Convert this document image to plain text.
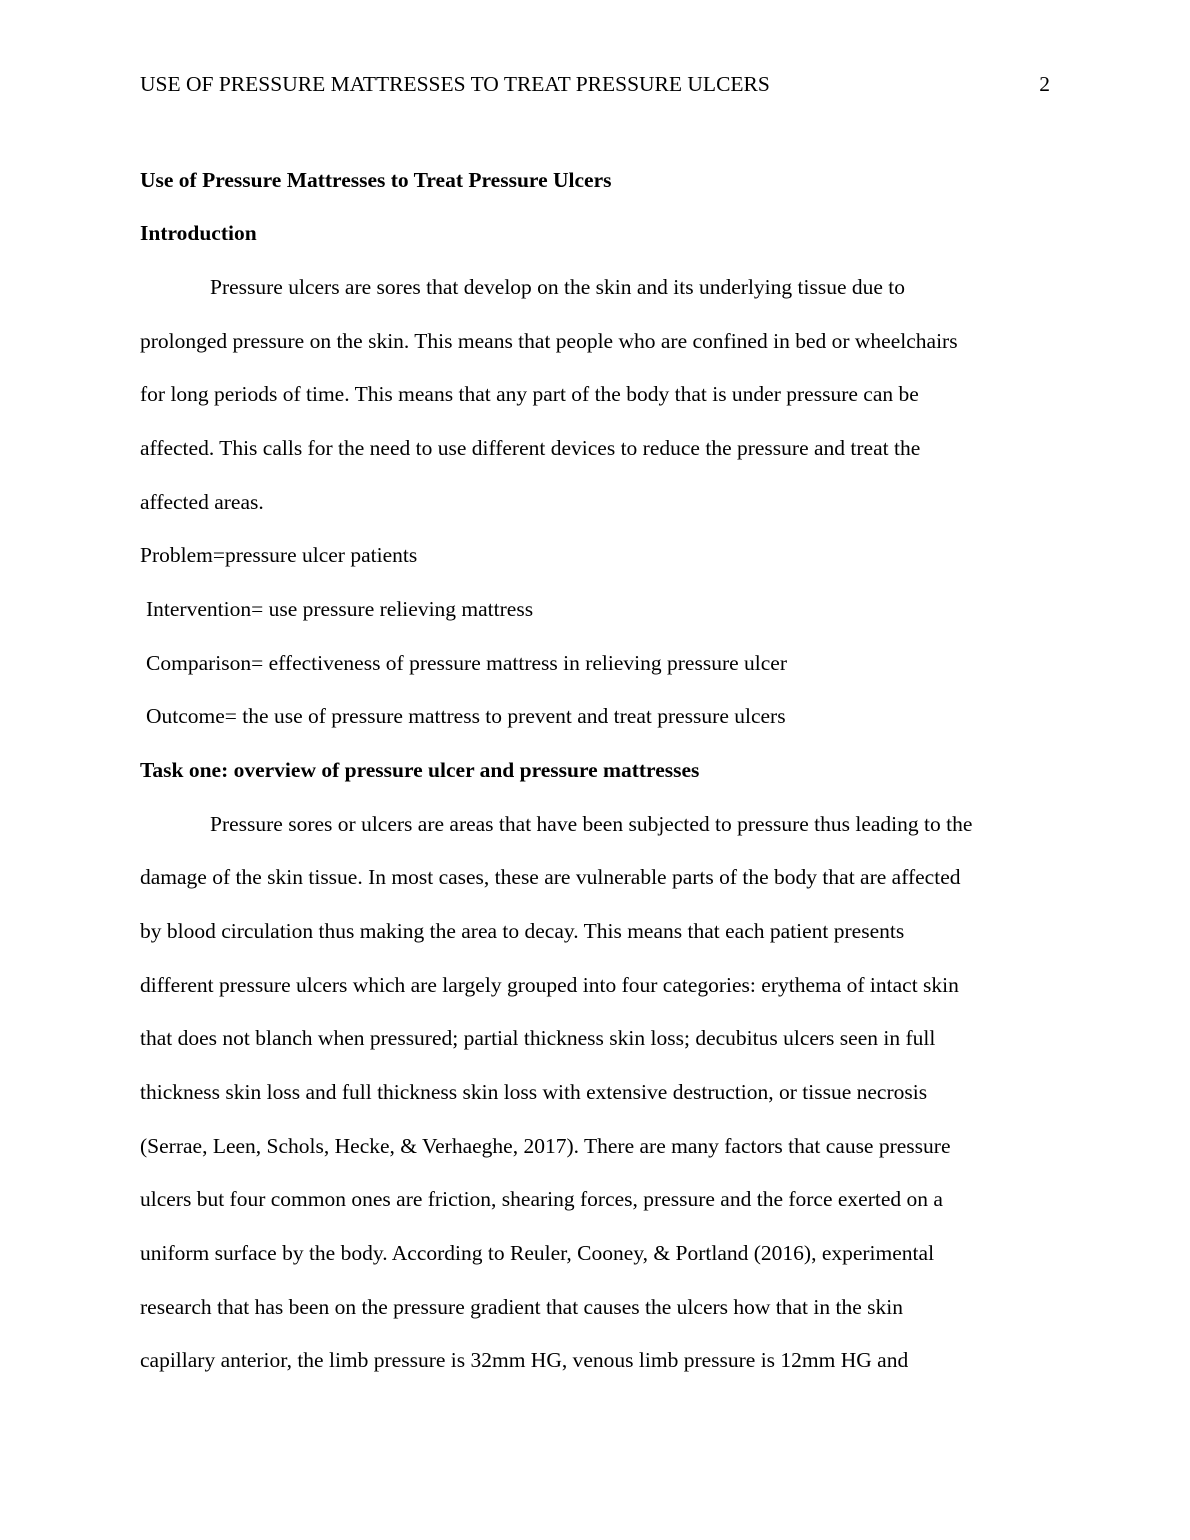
USE OF PRESSURE MATTRESSES TO TREAT PRESSURE ULCERS	2
Use of Pressure Mattresses to Treat Pressure Ulcers
Introduction
Pressure ulcers are sores that develop on the skin and its underlying tissue due to
prolonged pressure on the skin. This means that people who are confined in bed or wheelchairs
for long periods of time. This means that any part of the body that is under pressure can be
affected. This calls for the need to use different devices to reduce the pressure and treat the
affected areas.
Problem=pressure ulcer patients
Intervention= use pressure relieving mattress
Comparison= effectiveness of pressure mattress in relieving pressure ulcer
Outcome= the use of pressure mattress to prevent and treat pressure ulcers
Task one: overview of pressure ulcer and pressure mattresses
Pressure sores or ulcers are areas that have been subjected to pressure thus leading to the
damage of the skin tissue. In most cases, these are vulnerable parts of the body that are affected
by blood circulation thus making the area to decay. This means that each patient presents
different pressure ulcers which are largely grouped into four categories: erythema of intact skin
that does not blanch when pressured; partial thickness skin loss; decubitus ulcers seen in full
thickness skin loss and full thickness skin loss with extensive destruction, or tissue necrosis
(Serrae, Leen, Schols, Hecke, & Verhaeghe, 2017). There are many factors that cause pressure
ulcers but four common ones are friction, shearing forces, pressure and the force exerted on a
uniform surface by the body. According to Reuler, Cooney, & Portland (2016), experimental
research that has been on the pressure gradient that causes the ulcers how that in the skin
capillary anterior, the limb pressure is 32mm HG, venous limb pressure is 12mm HG and
